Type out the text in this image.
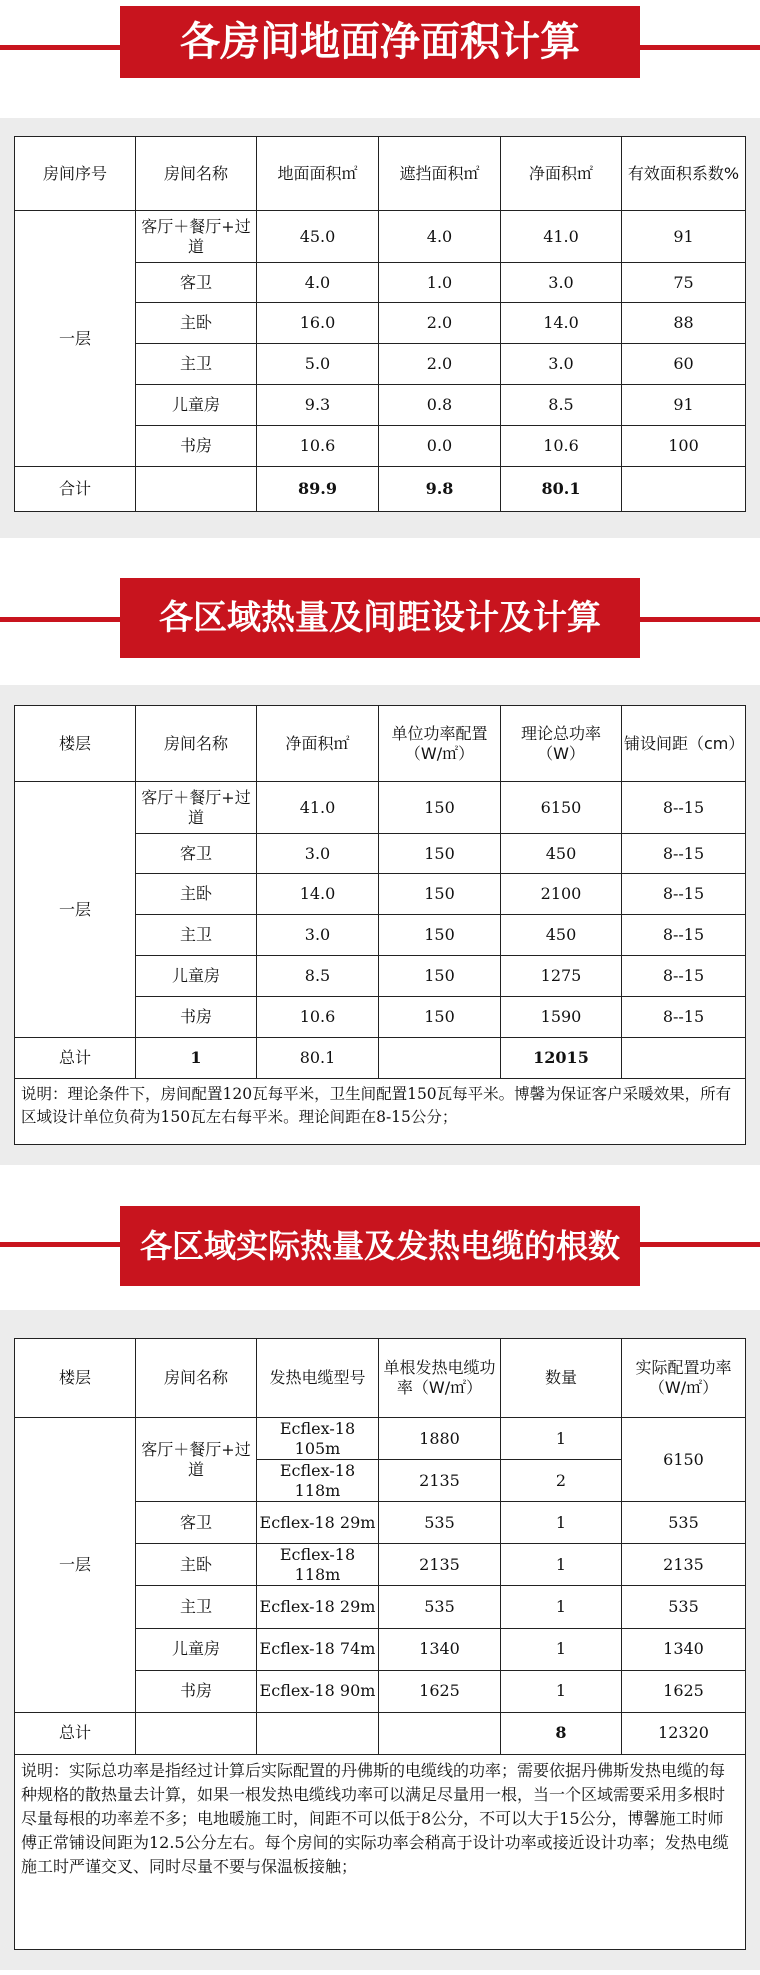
各房间地面净面积计算
房间序号	房间名称	地面面积㎡	遮挡面积㎡	净面积㎡	有效面积系数%
一层	客厅＋餐厅+过道	45.0	4.0	41.0	91
	客卫	4.0	1.0	3.0	75
	主卧	16.0	2.0	14.0	88
	主卫	5.0	2.0	3.0	60
	儿童房	9.3	0.8	8.5	91
	书房	10.6	0.0	10.6	100
合计		89.9	9.8	80.1	
各区域热量及间距设计及计算
楼层	房间名称	净面积㎡	单位功率配置（W/㎡）	理论总功率（W）	铺设间距（cm）
一层	客厅＋餐厅+过道	41.0	150	6150	8--15
	客卫	3.0	150	450	8--15
	主卧	14.0	150	2100	8--15
	主卫	3.0	150	450	8--15
	儿童房	8.5	150	1275	8--15
	书房	10.6	150	1590	8--15
总计	1	80.1		12015	
说明：理论条件下，房间配置120瓦每平米，卫生间配置150瓦每平米。博馨为保证客户采暖效果，所有区域设计单位负荷为150瓦左右每平米。理论间距在8-15公分；					
各区域实际热量及发热电缆的根数
楼层	房间名称	发热电缆型号	单根发热电缆功率（W/㎡）	数量	实际配置功率（W/㎡）
一层	客厅＋餐厅+过道	Ecflex-18 105m	1880	1	6150
		Ecflex-18 118m	2135	2	
	客卫	Ecflex-18 29m	535	1	535
	主卧	Ecflex-18 118m	2135	1	2135
	主卫	Ecflex-18 29m	535	1	535
	儿童房	Ecflex-18 74m	1340	1	1340
	书房	Ecflex-18 90m	1625	1	1625
总计				8	12320
说明：实际总功率是指经过计算后实际配置的丹佛斯的电缆线的功率；需要依据丹佛斯发热电缆的每种规格的散热量去计算，如果一根发热电缆线功率可以满足尽量用一根，当一个区域需要采用多根时尽量每根的功率差不多；电地暖施工时，间距不可以低于8公分，不可以大于15公分，博馨施工时师傅正常铺设间距为12.5公分左右。每个房间的实际功率会稍高于设计功率或接近设计功率；发热电缆施工时严谨交叉、同时尽量不要与保温板接触；					
